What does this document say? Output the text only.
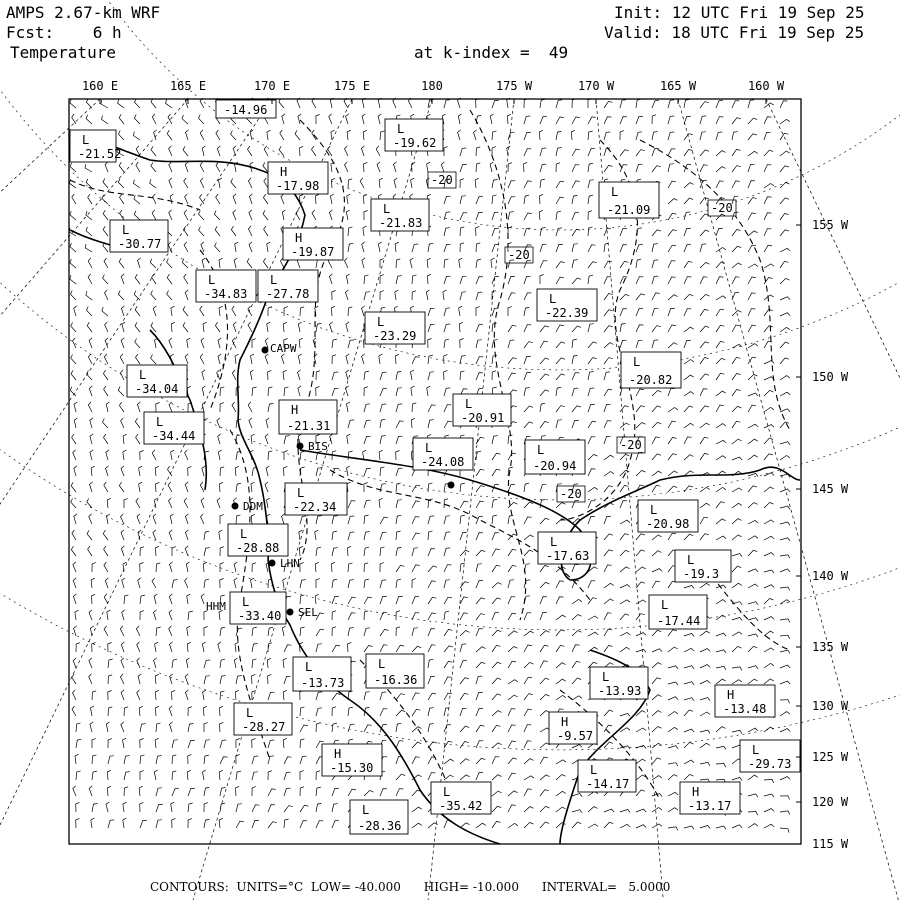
AMPS 2.67-km WRF
Fcst:    6 h
Temperature
Init: 12 UTC Fri 19 Sep 25
Valid: 18 UTC Fri 19 Sep 25
at k-index =  49
-20
-20
-20
-20
-20
CAPW
BIS
DDM
LHN
SEL
HHM
-14.96
L
-21.52
L
-19.62
H
-17.98
L
-21.83
L
-21.09
L
-30.77	H
-19.87
L
-34.83
L
-27.78	L
-22.39
L
-23.29
L
-20.82
L
-34.04
L
-20.91
H
-21.31
L
-34.44
L
-24.08
L
-20.94
L
-20.98
L
-22.34
L
-28.88	L
-17.63	L
-19.3
L
-33.40
L
-17.44
L
-13.93
L
-13.73
L
-16.36
H
-13.48
L
-28.27	H
-9.57
L
-29.73
H
-15.30	L
-14.17
L
-35.42
H
-13.17
L
-28.36
160 E	165 E	170 E	175 E	180	175 W	170 W	165 W	160 W
155 W
150 W
145 W
140 W
135 W
130 W
125 W
120 W
115 W
CONTOURS:  UNITS=°C  LOW= -40.000      HIGH= -10.000      INTERVAL=   5.0000
